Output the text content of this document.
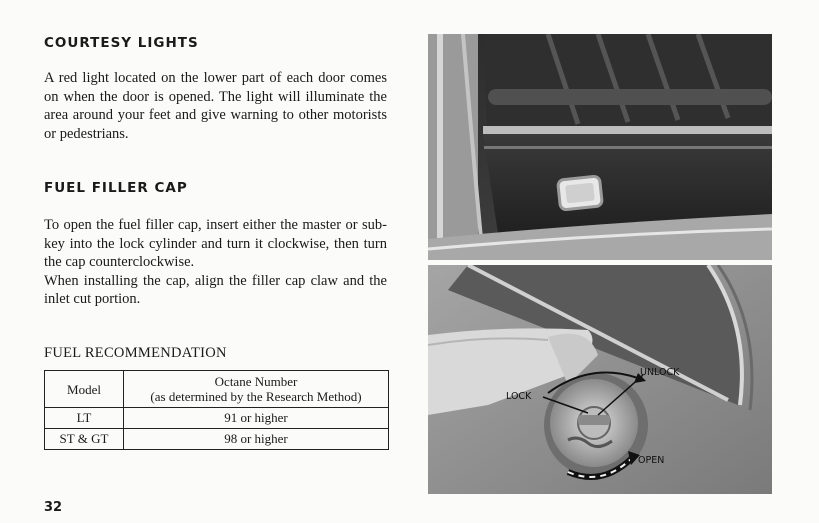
COURTESY LIGHTS

A red light located on the lower part of each door comes on when the door is opened. The light will illuminate the area around your feet and give warning to other motorists or pedestrians.

FUEL FILLER CAP

To open the fuel filler cap, insert either the master or sub-key into the lock cylinder and turn it clockwise, then turn the cap counterclockwise.

When installing the cap, align the filler cap claw and the inlet cut portion.

FUEL RECOMMENDATION
Model	Octane Number
(as determined by the Research Method)
LT	91 or higher
ST & GT	98 or higher
32
LOCK
UNLOCK
OPEN
